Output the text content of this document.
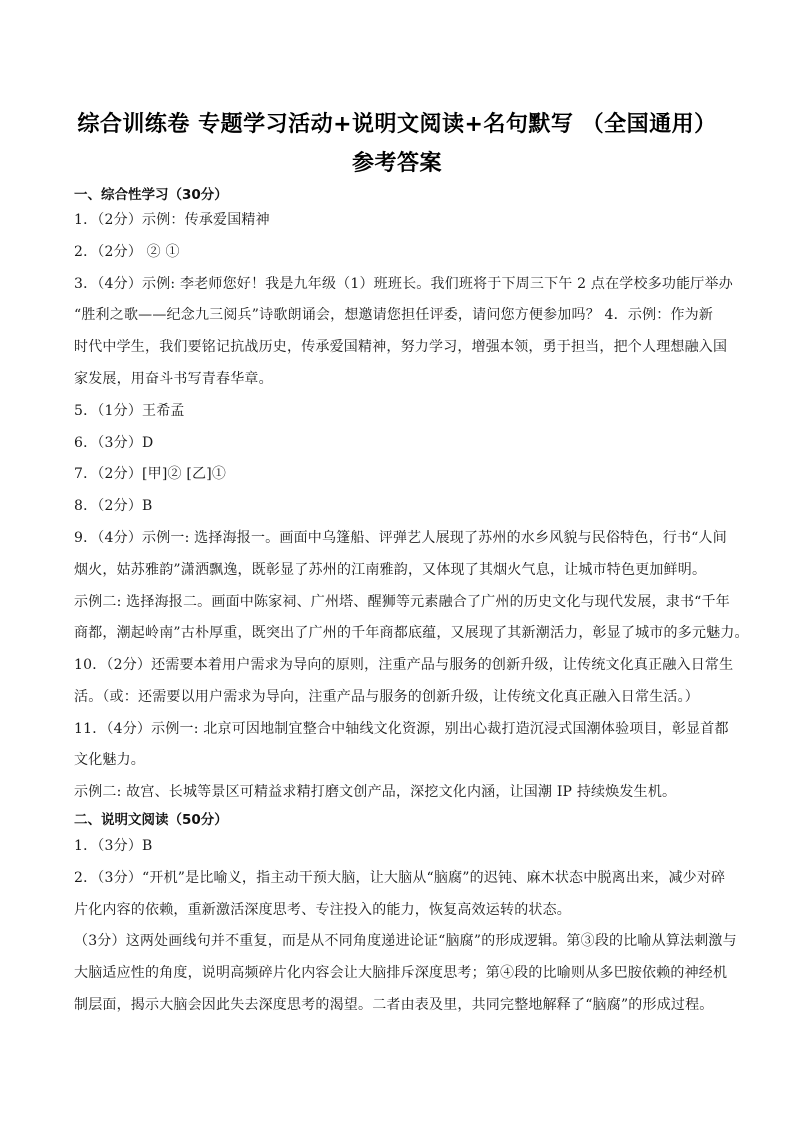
综合训练卷 专题学习活动+说明文阅读+名句默写 （全国通用）
参考答案
一、综合性学习（30分）
1．（2分）示例：传承爱国精神
2．（2分） ② ①
3．（4分）示例: 李老师您好！我是九年级（1）班班长。我们班将于下周三下午 2 点在学校多功能厅举办
“胜利之歌——纪念九三阅兵”诗歌朗诵会，想邀请您担任评委，请问您方便参加吗？ 4．示例：作为新
时代中学生，我们要铭记抗战历史，传承爱国精神，努力学习，增强本领，勇于担当，把个人理想融入国
家发展，用奋斗书写青春华章。
5．（1分）王希孟
6．（3分）D
7．（2分）[甲]② [乙]①
8．（2分）B
9．（4分）示例一: 选择海报一。画面中乌篷船、评弹艺人展现了苏州的水乡风貌与民俗特色，行书“人间
烟火，姑苏雅韵”潇洒飘逸，既彰显了苏州的江南雅韵，又体现了其烟火气息，让城市特色更加鲜明。
示例二: 选择海报二。画面中陈家祠、广州塔、醒狮等元素融合了广州的历史文化与现代发展，隶书“千年
商都，潮起岭南”古朴厚重，既突出了广州的千年商都底蕴，又展现了其新潮活力，彰显了城市的多元魅力。
10．（2分）还需要本着用户需求为导向的原则，注重产品与服务的创新升级，让传统文化真正融入日常生
活。（或：还需要以用户需求为导向，注重产品与服务的创新升级，让传统文化真正融入日常生活。）
11．（4分）示例一: 北京可因地制宜整合中轴线文化资源，别出心裁打造沉浸式国潮体验项目，彰显首都
文化魅力。
示例二: 故宫、长城等景区可精益求精打磨文创产品，深挖文化内涵，让国潮 IP 持续焕发生机。
二、说明文阅读（50分）
1．（3分）B
2．（3分）“开机”是比喻义，指主动干预大脑，让大脑从“脑腐”的迟钝、麻木状态中脱离出来，减少对碎
片化内容的依赖，重新激活深度思考、专注投入的能力，恢复高效运转的状态。
（3分）这两处画线句并不重复，而是从不同角度递进论证“脑腐”的形成逻辑。第③段的比喻从算法刺激与
大脑适应性的角度，说明高频碎片化内容会让大脑排斥深度思考；第④段的比喻则从多巴胺依赖的神经机
制层面，揭示大脑会因此失去深度思考的渴望。二者由表及里，共同完整地解释了“脑腐”的形成过程。
